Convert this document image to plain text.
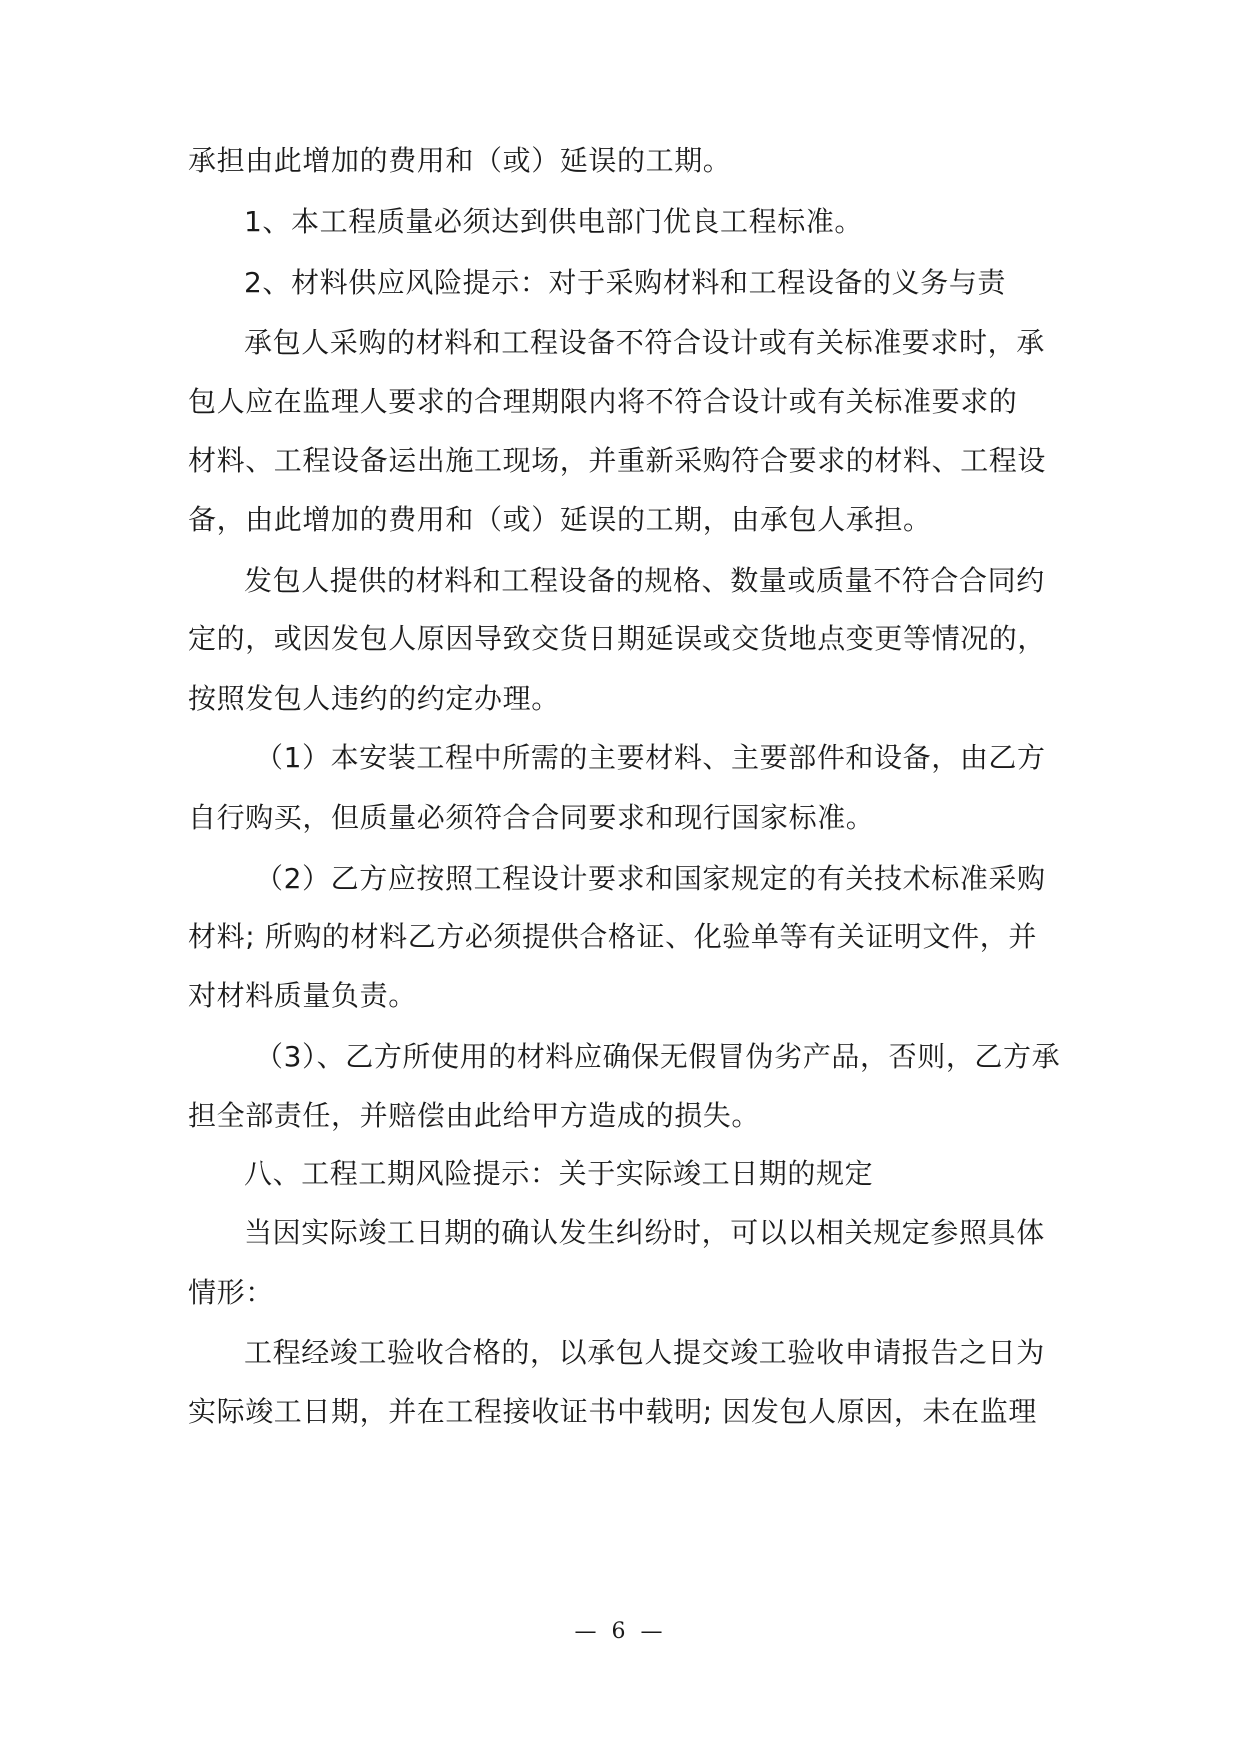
承担由此增加的费用和（或）延误的工期。
1、本工程质量必须达到供电部门优良工程标准。
2、材料供应风险提示：对于采购材料和工程设备的义务与责
承包人采购的材料和工程设备不符合设计或有关标准要求时，承
包人应在监理人要求的合理期限内将不符合设计或有关标准要求的
材料、工程设备运出施工现场，并重新采购符合要求的材料、工程设
备，由此增加的费用和（或）延误的工期，由承包人承担。
发包人提供的材料和工程设备的规格、数量或质量不符合合同约
定的，或因发包人原因导致交货日期延误或交货地点变更等情况的，
按照发包人违约的约定办理。
（1）本安装工程中所需的主要材料、主要部件和设备，由乙方
自行购买，但质量必须符合合同要求和现行国家标准。
（2）乙方应按照工程设计要求和国家规定的有关技术标准采购
材料; 所购的材料乙方必须提供合格证、化验单等有关证明文件，并
对材料质量负责。
（3）、乙方所使用的材料应确保无假冒伪劣产品，否则，乙方承
担全部责任，并赔偿由此给甲方造成的损失。
八、工程工期风险提示：关于实际竣工日期的规定
当因实际竣工日期的确认发生纠纷时，可以以相关规定参照具体
情形：
工程经竣工验收合格的，以承包人提交竣工验收申请报告之日为
实际竣工日期，并在工程接收证书中载明; 因发包人原因，未在监理
— 6 —
